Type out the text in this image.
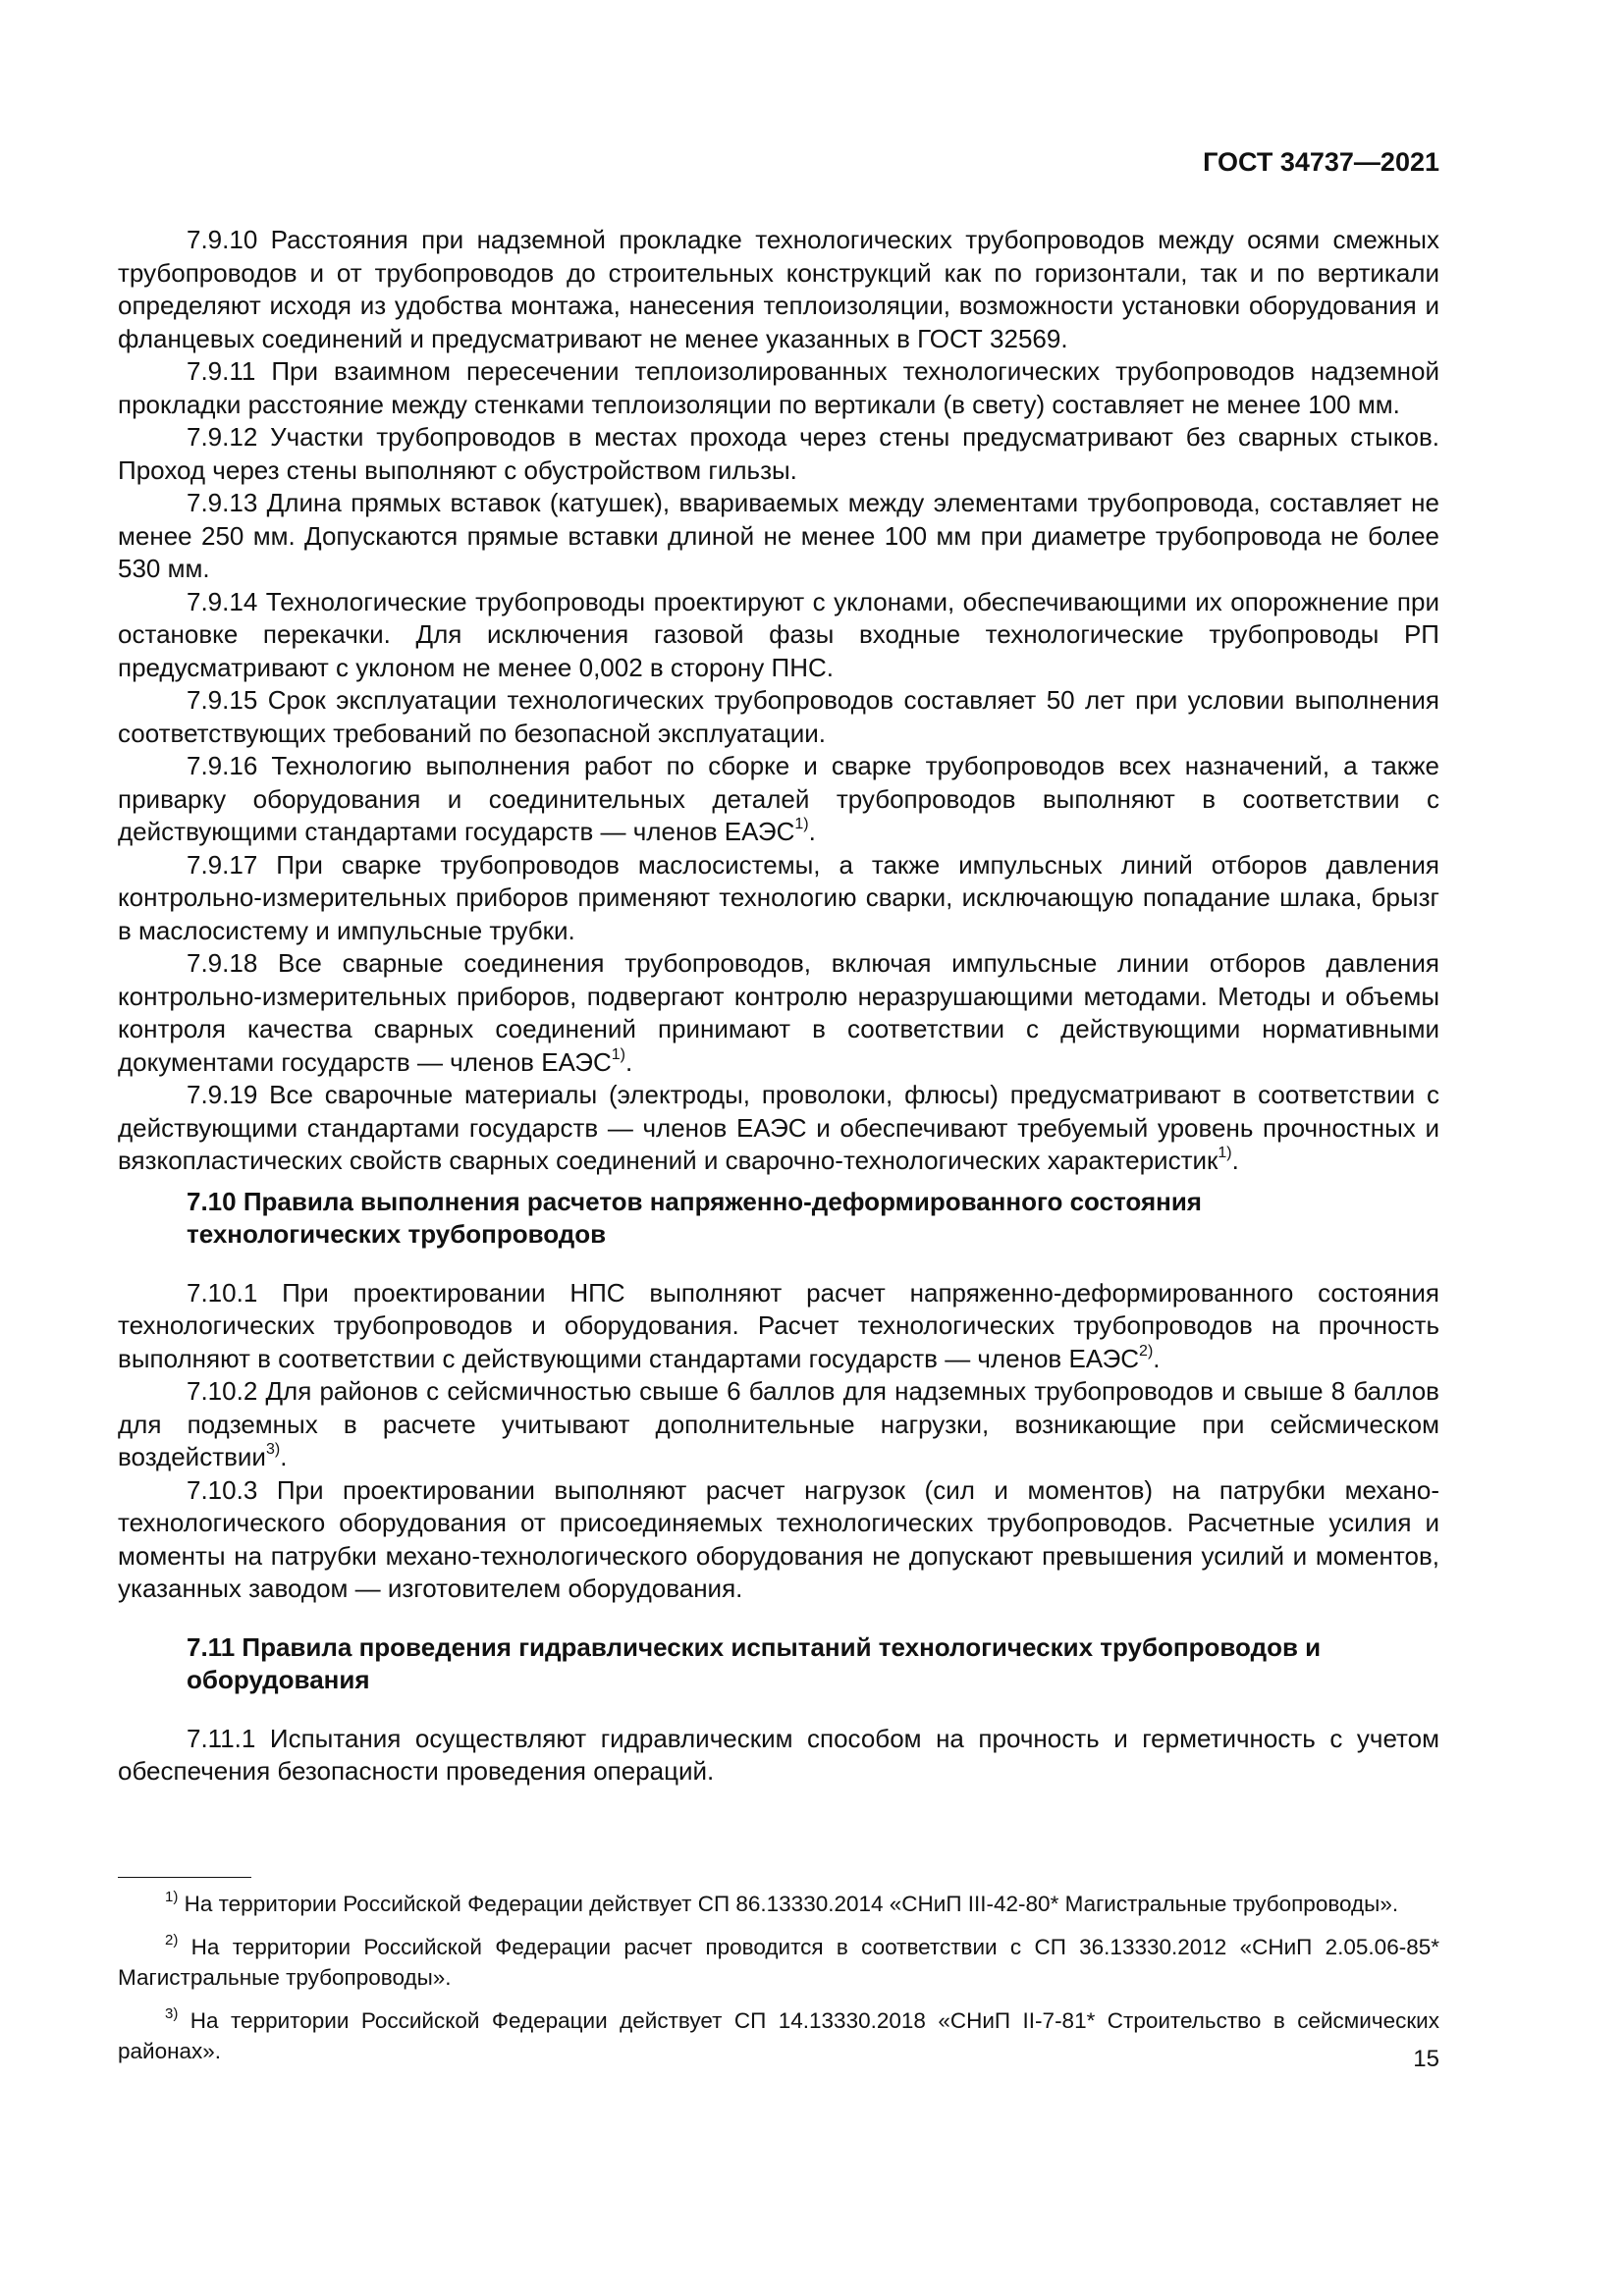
ГОСТ 34737—2021

7.9.10 Расстояния при надземной прокладке технологических трубопроводов между осями смежных трубопроводов и от трубопроводов до строительных конструкций как по горизонтали, так и по вертикали определяют исходя из удобства монтажа, нанесения теплоизоляции, возможности установки оборудования и фланцевых соединений и предусматривают не менее указанных в ГОСТ 32569.

7.9.11 При взаимном пересечении теплоизолированных технологических трубопроводов надземной прокладки расстояние между стенками теплоизоляции по вертикали (в свету) составляет не менее 100 мм.

7.9.12 Участки трубопроводов в местах прохода через стены предусматривают без сварных стыков. Проход через стены выполняют с обустройством гильзы.

7.9.13 Длина прямых вставок (катушек), ввариваемых между элементами трубопровода, составляет не менее 250 мм. Допускаются прямые вставки длиной не менее 100 мм при диаметре трубопровода не более 530 мм.

7.9.14 Технологические трубопроводы проектируют с уклонами, обеспечивающими их опорожнение при остановке перекачки. Для исключения газовой фазы входные технологические трубопроводы РП предусматривают с уклоном не менее 0,002 в сторону ПНС.

7.9.15 Срок эксплуатации технологических трубопроводов составляет 50 лет при условии выполнения соответствующих требований по безопасной эксплуатации.

7.9.16 Технологию выполнения работ по сборке и сварке трубопроводов всех назначений, а также приварку оборудования и соединительных деталей трубопроводов выполняют в соответствии с действующими стандартами государств — членов ЕАЭС$^{1)}$.

7.9.17 При сварке трубопроводов маслосистемы, а также импульсных линий отборов давления контрольно-измерительных приборов применяют технологию сварки, исключающую попадание шлака, брызг в маслосистему и импульсные трубки.

7.9.18 Все сварные соединения трубопроводов, включая импульсные линии отборов давления контрольно-измерительных приборов, подвергают контролю неразрушающими методами. Методы и объемы контроля качества сварных соединений принимают в соответствии с действующими нормативными документами государств — членов ЕАЭС$^{1)}$.

7.9.19 Все сварочные материалы (электроды, проволоки, флюсы) предусматривают в соответствии с действующими стандартами государств — членов ЕАЭС и обеспечивают требуемый уровень прочностных и вязкопластических свойств сварных соединений и сварочно-технологических характеристик$^{1)}$.

7.10 Правила выполнения расчетов напряженно-деформированного состояния
технологических трубопроводов

7.10.1 При проектировании НПС выполняют расчет напряженно-деформированного состояния технологических трубопроводов и оборудования. Расчет технологических трубопроводов на прочность выполняют в соответствии с действующими стандартами государств — членов ЕАЭС$^{2)}$.

7.10.2 Для районов с сейсмичностью свыше 6 баллов для надземных трубопроводов и свыше 8 баллов для подземных в расчете учитывают дополнительные нагрузки, возникающие при сейсмическом воздействии$^{3)}$.

7.10.3 При проектировании выполняют расчет нагрузок (сил и моментов) на патрубки механо-технологического оборудования от присоединяемых технологических трубопроводов. Расчетные усилия и моменты на патрубки механо-технологического оборудования не допускают превышения усилий и моментов, указанных заводом — изготовителем оборудования.

7.11 Правила проведения гидравлических испытаний технологических трубопроводов и
оборудования

7.11.1 Испытания осуществляют гидравлическим способом на прочность и герметичность с учетом обеспечения безопасности проведения операций.

$^{1)}$ На территории Российской Федерации действует СП 86.13330.2014 «СНиП III-42-80* Магистральные трубопроводы».

$^{2)}$ На территории Российской Федерации расчет проводится в соответствии с СП 36.13330.2012 «СНиП 2.05.06-85* Магистральные трубопроводы».

$^{3)}$ На территории Российской Федерации действует СП 14.13330.2018 «СНиП II-7-81* Строительство в сейсмических районах».	15
